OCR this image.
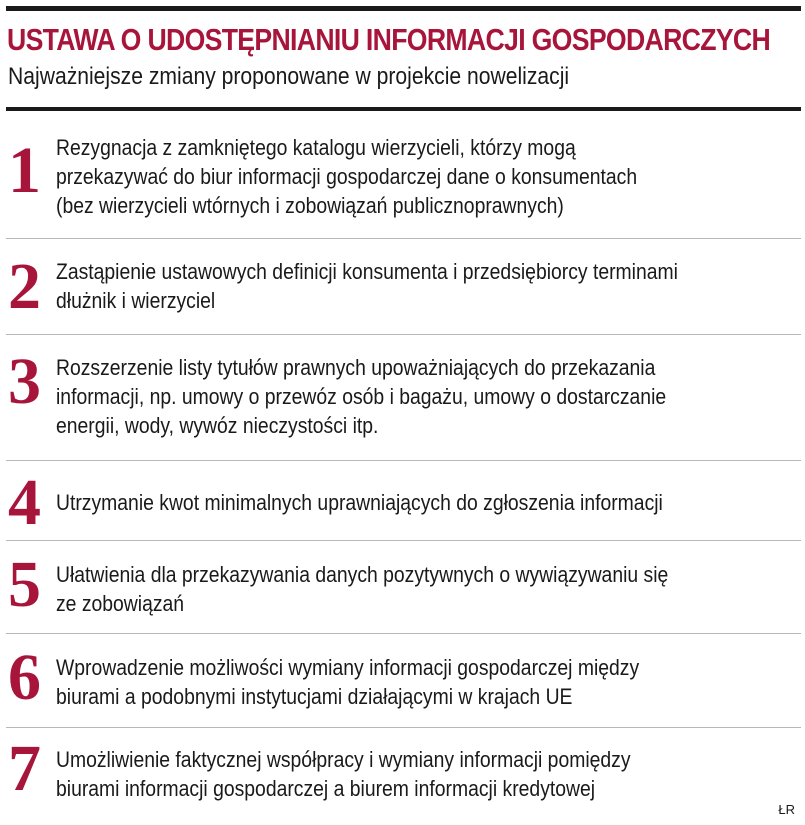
USTAWA O UDOSTĘPNIANIU INFORMACJI GOSPODARCZYCH
Najważniejsze zmiany proponowane w projekcie nowelizacji
1 Rezygnacja z zamkniętego katalogu wierzycieli, którzy mogą
przekazywać do biur informacji gospodarczej dane o konsumentach
(bez wierzycieli wtórnych i zobowiązań publicznoprawnych)
2 Zastąpienie ustawowych definicji konsumenta i przedsiębiorcy terminami
dłużnik i wierzyciel
3 Rozszerzenie listy tytułów prawnych upoważniających do przekazania
informacji, np. umowy o przewóz osób i bagażu, umowy o dostarczanie
energii, wody, wywóz nieczystości itp.
4 Utrzymanie kwot minimalnych uprawniających do zgłoszenia informacji
5 Ułatwienia dla przekazywania danych pozytywnych o wywiązywaniu się
ze zobowiązań
6 Wprowadzenie możliwości wymiany informacji gospodarczej między
biurami a podobnymi instytucjami działającymi w krajach UE
7 Umożliwienie faktycznej współpracy i wymiany informacji pomiędzy
biurami informacji gospodarczej a biurem informacji kredytowej
ŁR
